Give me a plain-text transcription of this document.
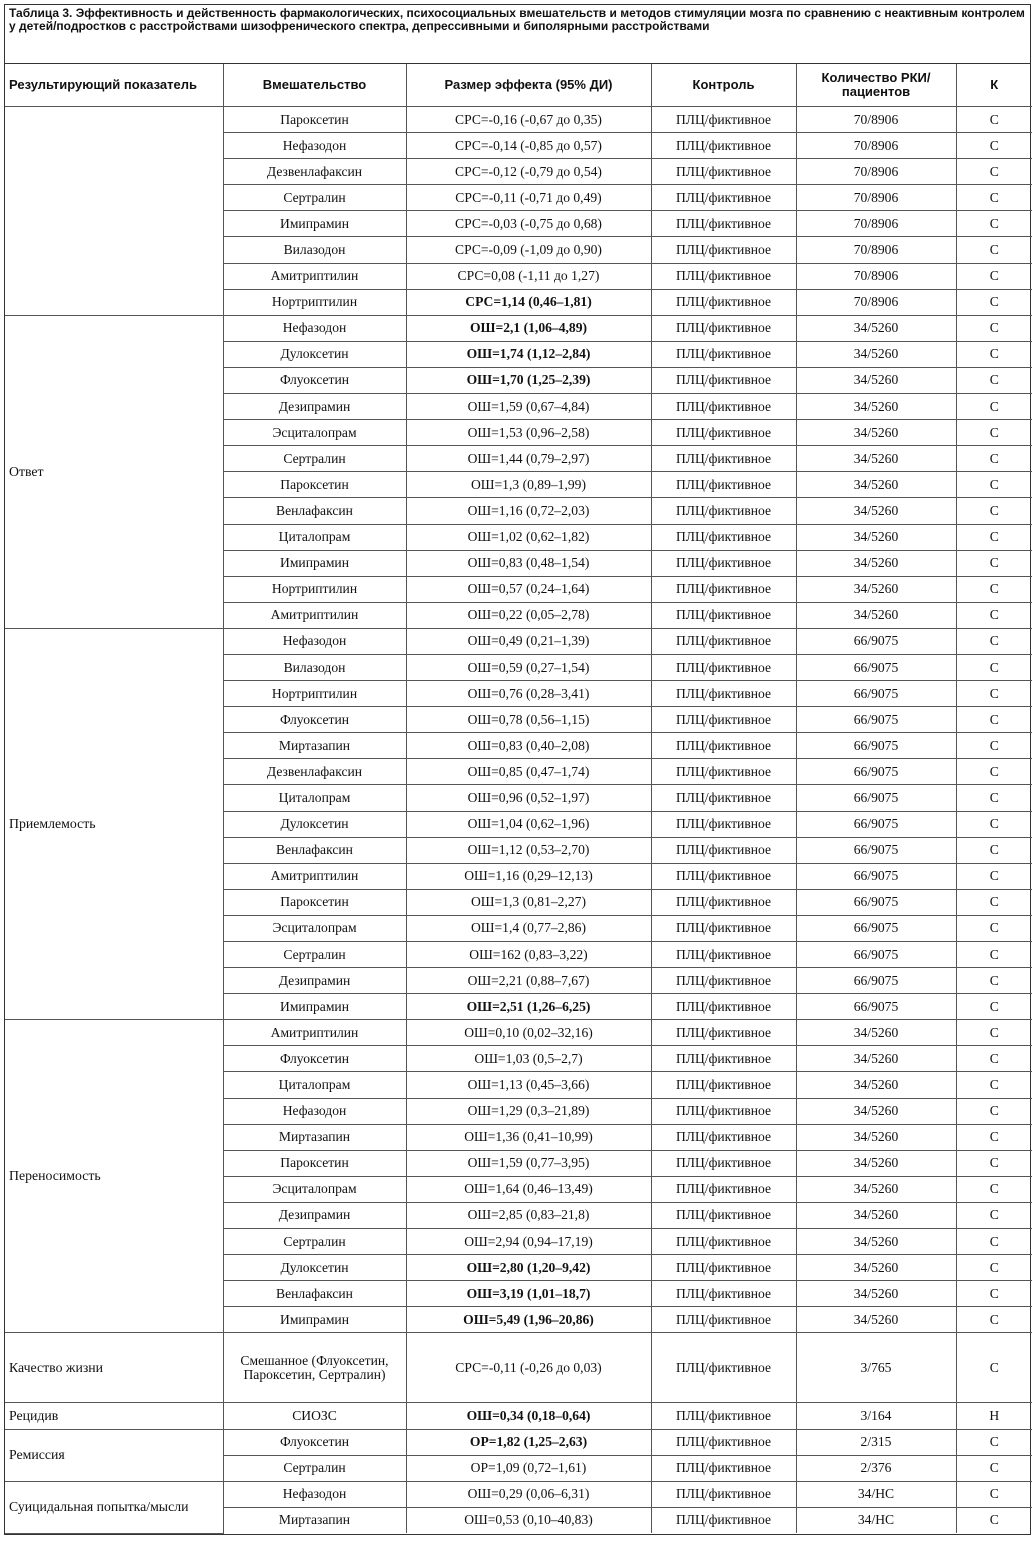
Таблица 3. Эффективность и действенность фармакологических, психосоциальных вмешательств и методов стимуляции мозга по сравнению с неактивным контролем у детей/подростков с расстройствами шизофренического спектра, депрессивными и биполярными расстройствами
Результирующий показатель	Вмешательство	Размер эффекта (95% ДИ)	Контроль	Количество РКИ/пациентов	К
	Пароксетин	СРС=-0,16 (-0,67 до 0,35)	ПЛЦ/фиктивное	70/8906	С
	Нефазодон	СРС=-0,14 (-0,85 до 0,57)	ПЛЦ/фиктивное	70/8906	С
	Дезвенлафаксин	СРС=-0,12 (-0,79 до 0,54)	ПЛЦ/фиктивное	70/8906	С
	Сертралин	СРС=-0,11 (-0,71 до 0,49)	ПЛЦ/фиктивное	70/8906	С
	Имипрамин	СРС=-0,03 (-0,75 до 0,68)	ПЛЦ/фиктивное	70/8906	С
	Вилазодон	СРС=-0,09 (-1,09 до 0,90)	ПЛЦ/фиктивное	70/8906	С
	Амитриптилин	СРС=0,08 (-1,11 до 1,27)	ПЛЦ/фиктивное	70/8906	С
	Нортриптилин	СРС=1,14 (0,46–1,81)	ПЛЦ/фиктивное	70/8906	С
Ответ	Нефазодон	ОШ=2,1 (1,06–4,89)	ПЛЦ/фиктивное	34/5260	С
	Дулоксетин	ОШ=1,74 (1,12–2,84)	ПЛЦ/фиктивное	34/5260	С
	Флуоксетин	ОШ=1,70 (1,25–2,39)	ПЛЦ/фиктивное	34/5260	С
	Дезипрамин	ОШ=1,59 (0,67–4,84)	ПЛЦ/фиктивное	34/5260	С
	Эсциталопрам	ОШ=1,53 (0,96–2,58)	ПЛЦ/фиктивное	34/5260	С
	Сертралин	ОШ=1,44 (0,79–2,97)	ПЛЦ/фиктивное	34/5260	С
	Пароксетин	ОШ=1,3 (0,89–1,99)	ПЛЦ/фиктивное	34/5260	С
	Венлафаксин	ОШ=1,16 (0,72–2,03)	ПЛЦ/фиктивное	34/5260	С
	Циталопрам	ОШ=1,02 (0,62–1,82)	ПЛЦ/фиктивное	34/5260	С
	Имипрамин	ОШ=0,83 (0,48–1,54)	ПЛЦ/фиктивное	34/5260	С
	Нортриптилин	ОШ=0,57 (0,24–1,64)	ПЛЦ/фиктивное	34/5260	С
	Амитриптилин	ОШ=0,22 (0,05–2,78)	ПЛЦ/фиктивное	34/5260	С
Приемлемость	Нефазодон	ОШ=0,49 (0,21–1,39)	ПЛЦ/фиктивное	66/9075	С
	Вилазодон	ОШ=0,59 (0,27–1,54)	ПЛЦ/фиктивное	66/9075	С
	Нортриптилин	ОШ=0,76 (0,28–3,41)	ПЛЦ/фиктивное	66/9075	С
	Флуоксетин	ОШ=0,78 (0,56–1,15)	ПЛЦ/фиктивное	66/9075	С
	Миртазапин	ОШ=0,83 (0,40–2,08)	ПЛЦ/фиктивное	66/9075	С
	Дезвенлафаксин	ОШ=0,85 (0,47–1,74)	ПЛЦ/фиктивное	66/9075	С
	Циталопрам	ОШ=0,96 (0,52–1,97)	ПЛЦ/фиктивное	66/9075	С
	Дулоксетин	ОШ=1,04 (0,62–1,96)	ПЛЦ/фиктивное	66/9075	С
	Венлафаксин	ОШ=1,12 (0,53–2,70)	ПЛЦ/фиктивное	66/9075	С
	Амитриптилин	ОШ=1,16 (0,29–12,13)	ПЛЦ/фиктивное	66/9075	С
	Пароксетин	ОШ=1,3 (0,81–2,27)	ПЛЦ/фиктивное	66/9075	С
	Эсциталопрам	ОШ=1,4 (0,77–2,86)	ПЛЦ/фиктивное	66/9075	С
	Сертралин	ОШ=162 (0,83–3,22)	ПЛЦ/фиктивное	66/9075	С
	Дезипрамин	ОШ=2,21 (0,88–7,67)	ПЛЦ/фиктивное	66/9075	С
	Имипрамин	ОШ=2,51 (1,26–6,25)	ПЛЦ/фиктивное	66/9075	С
Переносимость	Амитриптилин	ОШ=0,10 (0,02–32,16)	ПЛЦ/фиктивное	34/5260	С
	Флуоксетин	ОШ=1,03 (0,5–2,7)	ПЛЦ/фиктивное	34/5260	С
	Циталопрам	ОШ=1,13 (0,45–3,66)	ПЛЦ/фиктивное	34/5260	С
	Нефазодон	ОШ=1,29 (0,3–21,89)	ПЛЦ/фиктивное	34/5260	С
	Миртазапин	ОШ=1,36 (0,41–10,99)	ПЛЦ/фиктивное	34/5260	С
	Пароксетин	ОШ=1,59 (0,77–3,95)	ПЛЦ/фиктивное	34/5260	С
	Эсциталопрам	ОШ=1,64 (0,46–13,49)	ПЛЦ/фиктивное	34/5260	С
	Дезипрамин	ОШ=2,85 (0,83–21,8)	ПЛЦ/фиктивное	34/5260	С
	Сертралин	ОШ=2,94 (0,94–17,19)	ПЛЦ/фиктивное	34/5260	С
	Дулоксетин	ОШ=2,80 (1,20–9,42)	ПЛЦ/фиктивное	34/5260	С
	Венлафаксин	ОШ=3,19 (1,01–18,7)	ПЛЦ/фиктивное	34/5260	С
	Имипрамин	ОШ=5,49 (1,96–20,86)	ПЛЦ/фиктивное	34/5260	С
Качество жизни	Смешанное (Флуоксетин, Пароксетин, Сертралин)	СРС=-0,11 (-0,26 до 0,03)	ПЛЦ/фиктивное	3/765	С
Рецидив	СИОЗС	ОШ=0,34 (0,18–0,64)	ПЛЦ/фиктивное	3/164	Н
Ремиссия	Флуоксетин	ОР=1,82 (1,25–2,63)	ПЛЦ/фиктивное	2/315	С
	Сертралин	ОР=1,09 (0,72–1,61)	ПЛЦ/фиктивное	2/376	С
Суицидальная попытка/мысли	Нефазодон	ОШ=0,29 (0,06–6,31)	ПЛЦ/фиктивное	34/НС	С
	Миртазапин	ОШ=0,53 (0,10–40,83)	ПЛЦ/фиктивное	34/НС	С
